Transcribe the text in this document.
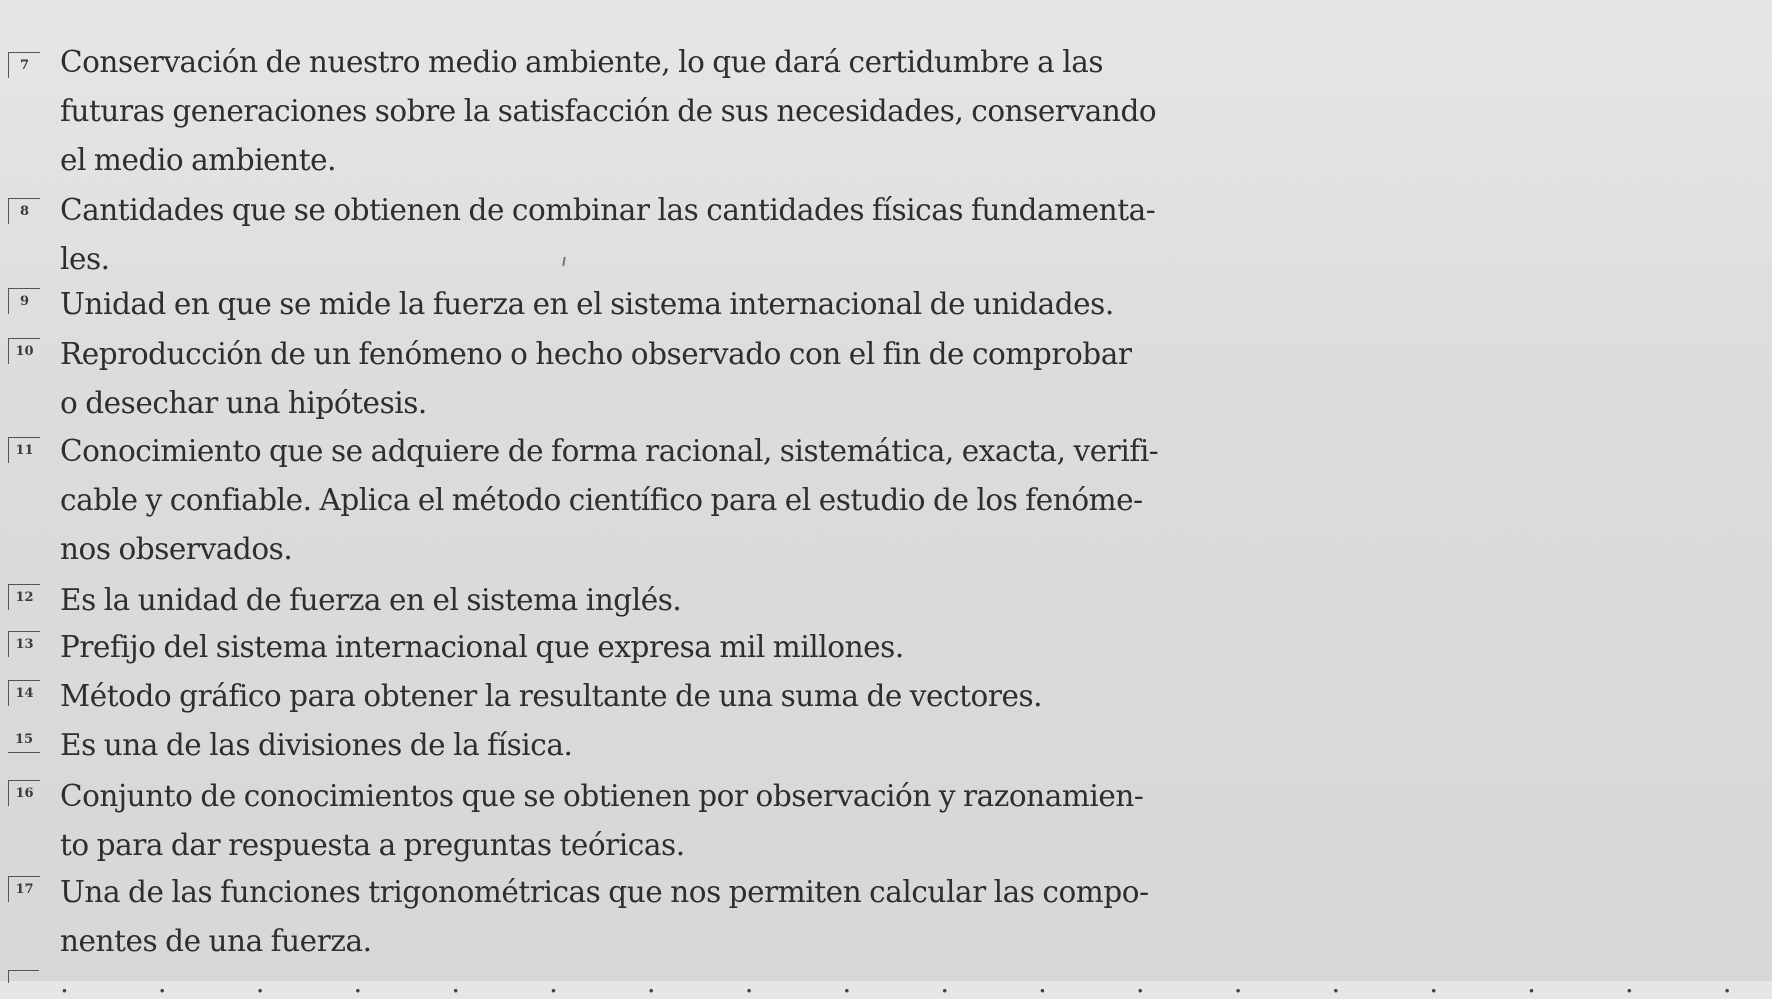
7	Conservación de nuestro medio ambiente, lo que dará certidumbre a las
futuras generaciones sobre la satisfacción de sus necesidades, conservando
el medio ambiente.
8	Cantidades que se obtienen de combinar las cantidades físicas fundamenta-
les.
9	Unidad en que se mide la fuerza en el sistema internacional de unidades.
10 Reproducción de un fenómeno o hecho observado con el fin de comprobar
o desechar una hipótesis.
11 Conocimiento que se adquiere de forma racional, sistemática, exacta, verifi-
cable y confiable. Aplica el método científico para el estudio de los fenóme-
nos observados.
12 Es la unidad de fuerza en el sistema inglés.
13 Prefijo del sistema internacional que expresa mil millones.
14 Método gráfico para obtener la resultante de una suma de vectores.
15 Es una de las divisiones de la física.
16 Conjunto de conocimientos que se obtienen por observación y razonamien-
to para dar respuesta a preguntas teóricas.
17 Una de las funciones trigonométricas que nos permiten calcular las compo-
nentes de una fuerza.
. . . . . . . . . . . . . . . . . .
